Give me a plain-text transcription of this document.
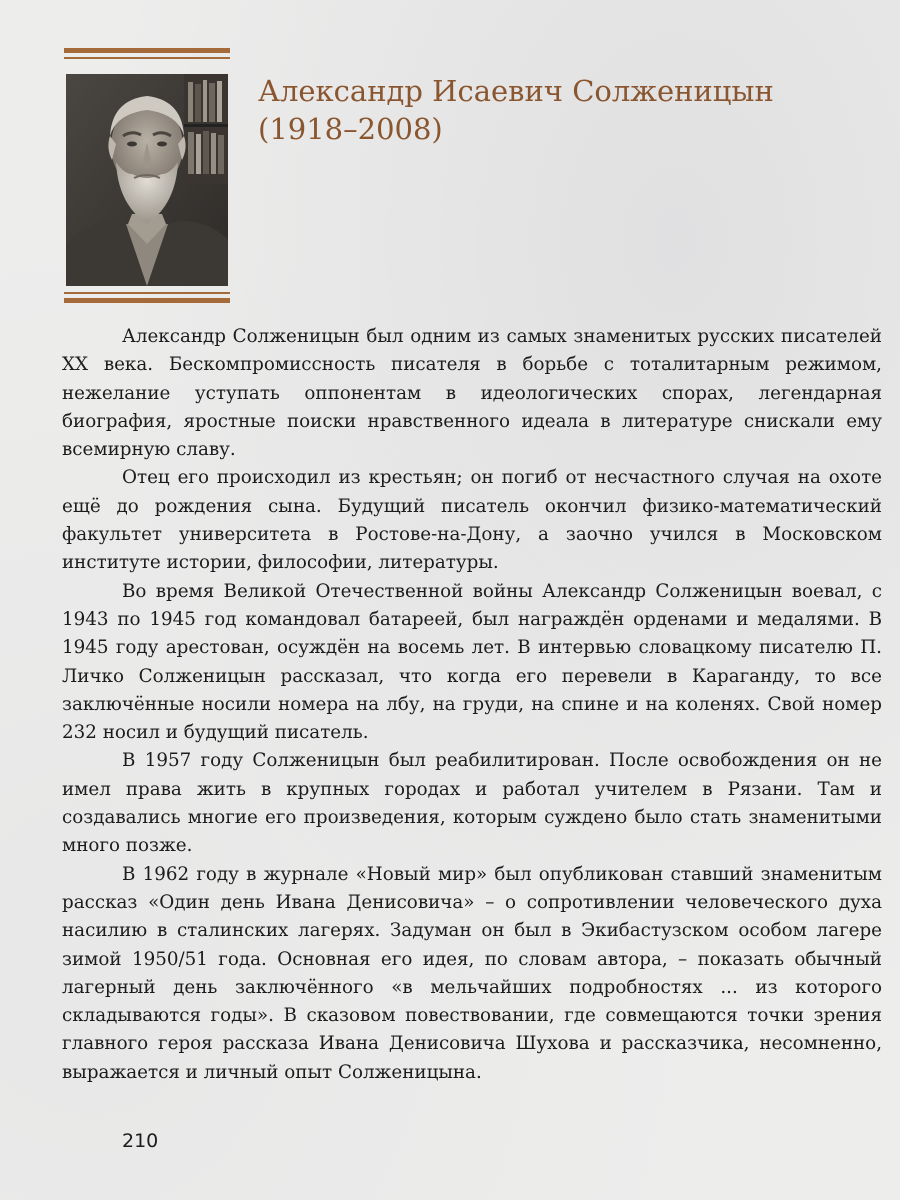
Александр Исаевич Солженицын
(1918–2008)

Александр Солженицын был одним из самых знаменитых русских писателей XX века. Бескомпромиссность писателя в борьбе с тоталитарным режимом, нежелание уступать оппонентам в идеологических спорах, легендарная биография, яростные поиски нравственного идеала в литературе снискали ему всемирную славу.

Отец его происходил из крестьян; он погиб от несчастного случая на охоте ещё до рождения сына. Будущий писатель окончил физико-математический факультет университета в Ростове-на-Дону, а заочно учился в Московском институте истории, философии, литературы.

Во время Великой Отечественной войны Александр Солженицын воевал, с 1943 по 1945 год командовал батареей, был награждён орденами и медалями. В 1945 году арестован, осуждён на восемь лет. В интервью словацкому писателю П. Личко Солженицын рассказал, что когда его перевели в Караганду, то все заключённые носили номера на лбу, на груди, на спине и на коленях. Свой номер 232 носил и будущий писатель.

В 1957 году Солженицын был реабилитирован. После освобождения он не имел права жить в крупных городах и работал учителем в Рязани. Там и создавались многие его произведения, которым суждено было стать знаменитыми много позже.

В 1962 году в журнале «Новый мир» был опубликован ставший знаменитым рассказ «Один день Ивана Денисовича» – о сопротивлении человеческого духа насилию в сталинских лагерях. Задуман он был в Экибастузском особом лагере зимой 1950/51 года. Основная его идея, по словам автора, – показать обычный лагерный день заключённого «в мельчайших подробностях ... из которого складываются годы». В сказовом повествовании, где совмещаются точки зрения главного героя рассказа Ивана Денисовича Шухова и рассказчика, несомненно, выражается и личный опыт Солженицына.

210
